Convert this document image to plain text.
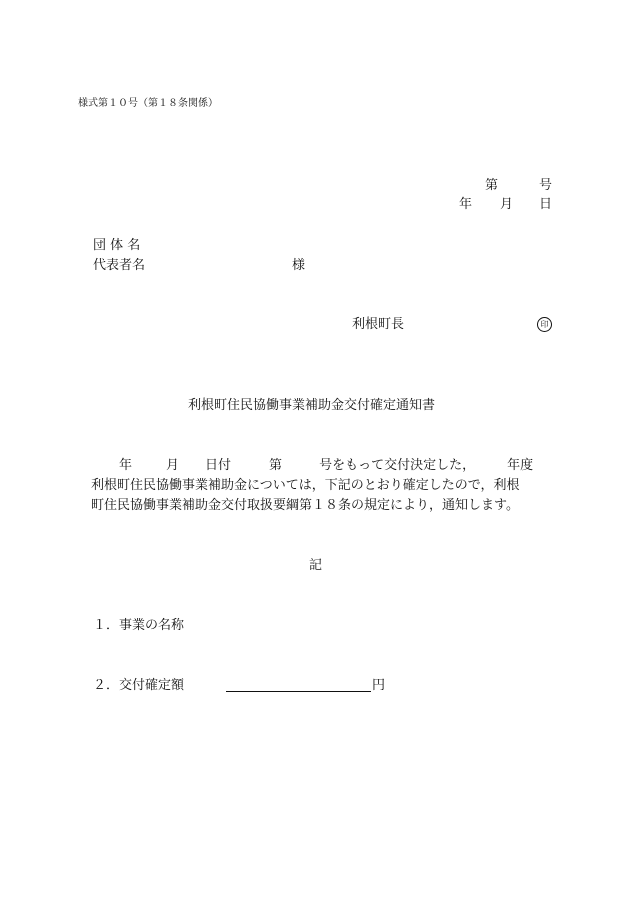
様式第１０号（第１８条関係）
第	号
年 月 日
団 体 名
代表者名	様
利根町長	印
利根町住民協働事業補助金交付確定通知書
年	月 日付	第	号をもって交付決定した， 年度
利根町住民協働事業補助金については，下記のとおり確定したので，利根
町住民協働事業補助金交付取扱要綱第１８条の規定により，通知します。
記
１．事業の名称
２．交付確定額	円
